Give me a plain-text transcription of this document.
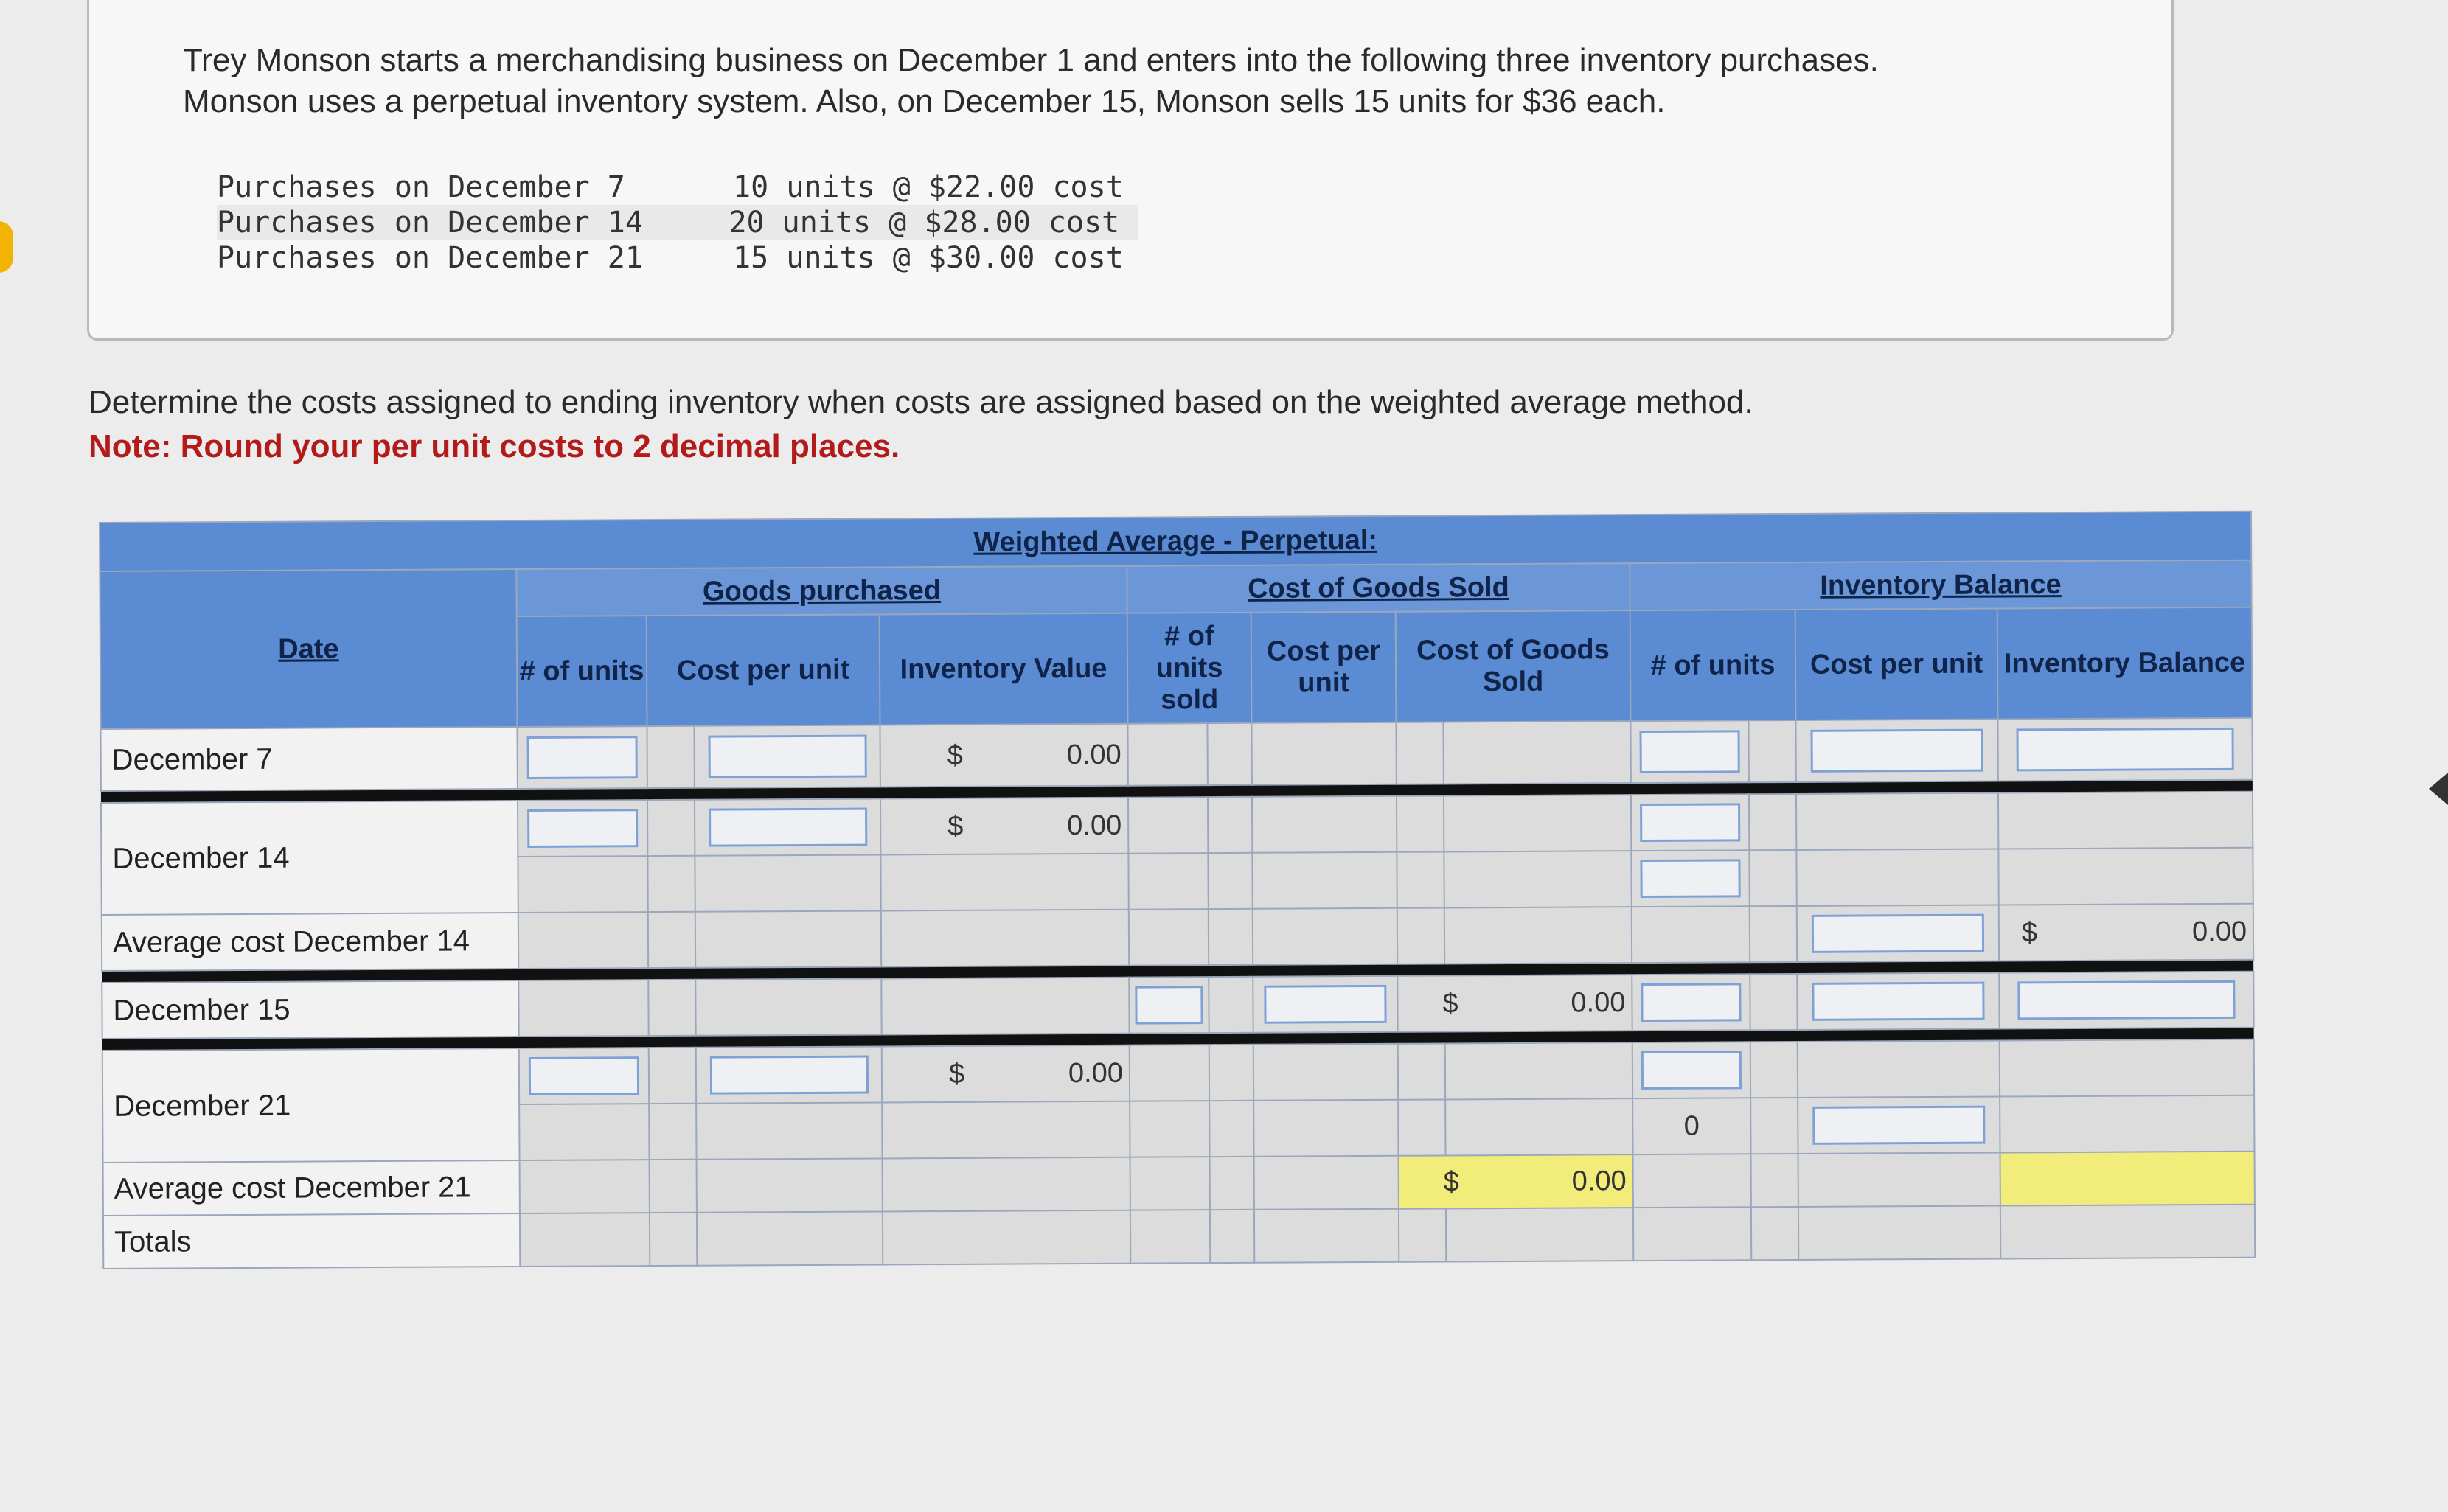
Trey Monson starts a merchandising business on December 1 and enters into the following three inventory purchases.
Monson uses a perpetual inventory system. Also, on December 15, Monson sells 15 units for $36 each.
Purchases on December 7	10 units @ $22.00 cost
Purchases on December 14	20 units @ $28.00 cost
Purchases on December 21	15 units @ $30.00 cost
Determine the costs assigned to ending inventory when costs are assigned based on the weighted average method.
Note: Round your per unit costs to 2 decimal places.
Weighted Average - Perpetual:													
Date	Goods purchased				Cost of Goods Sold					Inventory Balance			
	# of units	Cost per unit		Inventory Value	# of units sold		Cost per unit	Cost of Goods Sold		# of units		Cost per unit	Inventory Balance
December 7				$ 0.00									

December 14				$ 0.00									

Average cost December 14													$ 0.00

December 15								$ 0.00					

December 21				$ 0.00									

										0		

Average cost December 21								$ 0.00					

Totals													
